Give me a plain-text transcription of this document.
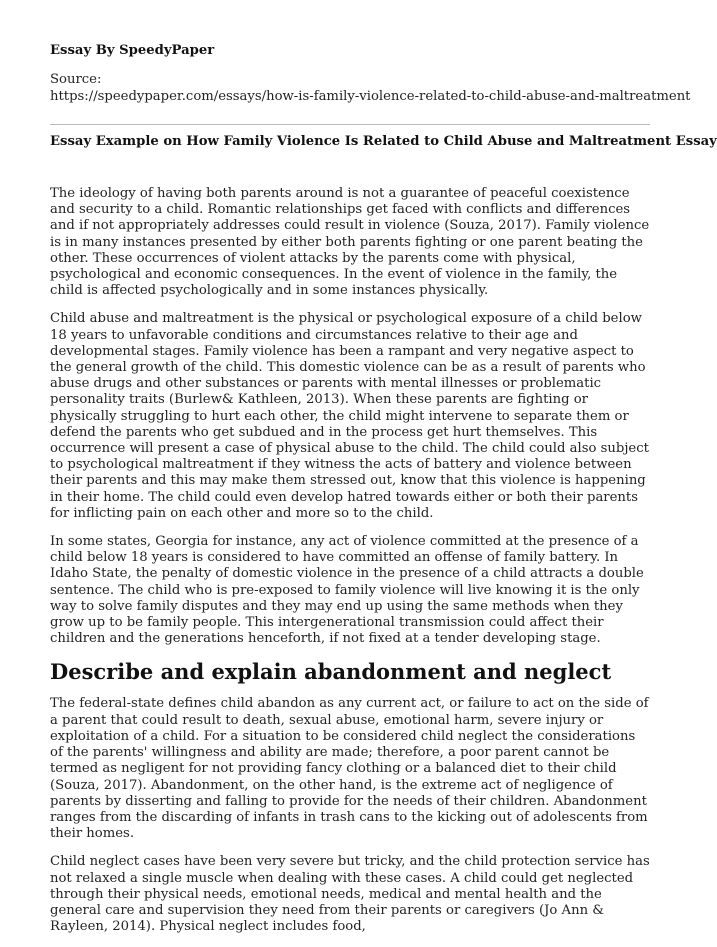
Essay By SpeedyPaper
Source:
https://speedypaper.com/essays/how-is-family-violence-related-to-child-abuse-and-maltreatment
Essay Example on How Family Violence Is Related to Child Abuse and Maltreatment Essay

The ideology of having both parents around is not a guarantee of peaceful coexistence and security to a child. Romantic relationships get faced with conflicts and differences and if not appropriately addresses could result in violence (Souza, 2017). Family violence is in many instances presented by either both parents fighting or one parent beating the other. These occurrences of violent attacks by the parents come with physical, psychological and economic consequences. In the event of violence in the family, the child is affected psychologically and in some instances physically.

Child abuse and maltreatment is the physical or psychological exposure of a child below 18 years to unfavorable conditions and circumstances relative to their age and developmental stages. Family violence has been a rampant and very negative aspect to the general growth of the child. This domestic violence can be as a result of parents who abuse drugs and other substances or parents with mental illnesses or problematic personality traits (Burlew& Kathleen, 2013). When these parents are fighting or physically struggling to hurt each other, the child might intervene to separate them or defend the parents who get subdued and in the process get hurt themselves. This occurrence will present a case of physical abuse to the child. The child could also subject to psychological maltreatment if they witness the acts of battery and violence between their parents and this may make them stressed out, know that this violence is happening in their home. The child could even develop hatred towards either or both their parents for inflicting pain on each other and more so to the child.

In some states, Georgia for instance, any act of violence committed at the presence of a child below 18 years is considered to have committed an offense of family battery. In Idaho State, the penalty of domestic violence in the presence of a child attracts a double sentence. The child who is pre-exposed to family violence will live knowing it is the only way to solve family disputes and they may end up using the same methods when they grow up to be family people. This intergenerational transmission could affect their children and the generations henceforth, if not fixed at a tender developing stage.

Describe and explain abandonment and neglect

The federal-state defines child abandon as any current act, or failure to act on the side of a parent that could result to death, sexual abuse, emotional harm, severe injury or exploitation of a child. For a situation to be considered child neglect the considerations of the parents' willingness and ability are made; therefore, a poor parent cannot be termed as negligent for not providing fancy clothing or a balanced diet to their child (Souza, 2017). Abandonment, on the other hand, is the extreme act of negligence of parents by disserting and falling to provide for the needs of their children. Abandonment ranges from the discarding of infants in trash cans to the kicking out of adolescents from their homes.

Child neglect cases have been very severe but tricky, and the child protection service has not relaxed a single muscle when dealing with these cases. A child could get neglected through their physical needs, emotional needs, medical and mental health and the general care and supervision they need from their parents or caregivers (Jo Ann & Rayleen, 2014). Physical neglect includes food,
